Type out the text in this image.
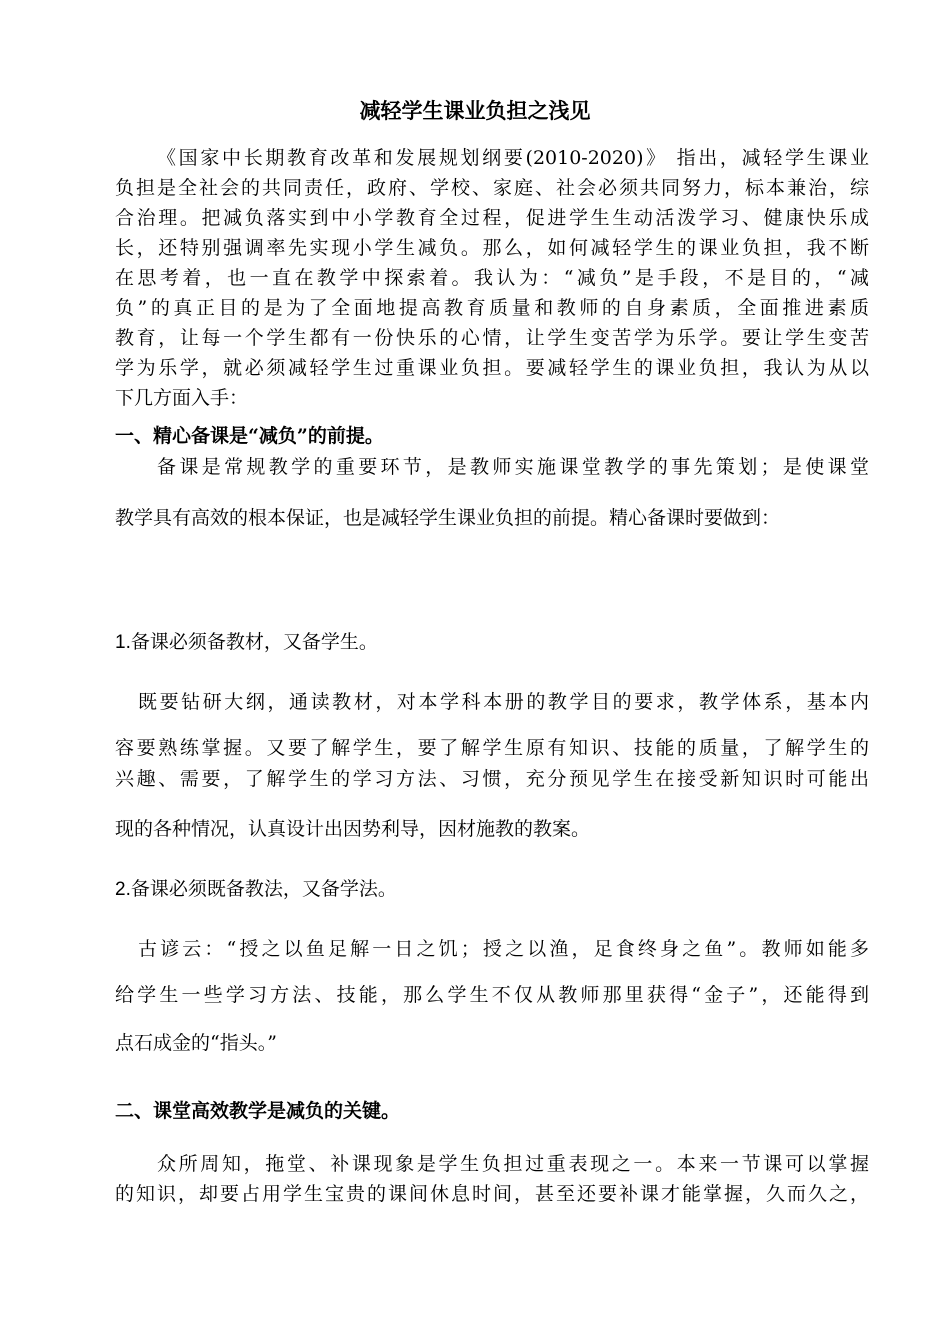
减轻学生课业负担之浅见
《国家中长期教育改革和发展规划纲要(2010-2020)》 指出，减轻学生课业
负担是全社会的共同责任，政府、学校、家庭、社会必须共同努力，标本兼治，综
合治理。把减负落实到中小学教育全过程，促进学生生动活泼学习、健康快乐成
长，还特别强调率先实现小学生减负。那么，如何减轻学生的课业负担，我不断
在思考着，也一直在教学中探索着。我认为：“减负”是手段，不是目的，“减
负”的真正目的是为了全面地提高教育质量和教师的自身素质，全面推进素质
教育，让每一个学生都有一份快乐的心情，让学生变苦学为乐学。要让学生变苦
学为乐学，就必须减轻学生过重课业负担。要减轻学生的课业负担，我认为从以
下几方面入手：
一、精心备课是“减负”的前提。
备课是常规教学的重要环节，是教师实施课堂教学的事先策划；是使课堂
教学具有高效的根本保证，也是减轻学生课业负担的前提。精心备课时要做到：
1.备课必须备教材，又备学生。
既要钻研大纲，通读教材，对本学科本册的教学目的要求，教学体系，基本内
容要熟练掌握。又要了解学生，要了解学生原有知识、技能的质量，了解学生的
兴趣、需要，了解学生的学习方法、习惯，充分预见学生在接受新知识时可能出
现的各种情况，认真设计出因势利导，因材施教的教案。
2.备课必须既备教法，又备学法。
古谚云：“授之以鱼足解一日之饥；授之以渔，足食终身之鱼”。教师如能多
给学生一些学习方法、技能，那么学生不仅从教师那里获得“金子”，还能得到
点石成金的“指头。”
二、课堂高效教学是减负的关键。
众所周知，拖堂、补课现象是学生负担过重表现之一。本来一节课可以掌握
的知识，却要占用学生宝贵的课间休息时间，甚至还要补课才能掌握，久而久之，
